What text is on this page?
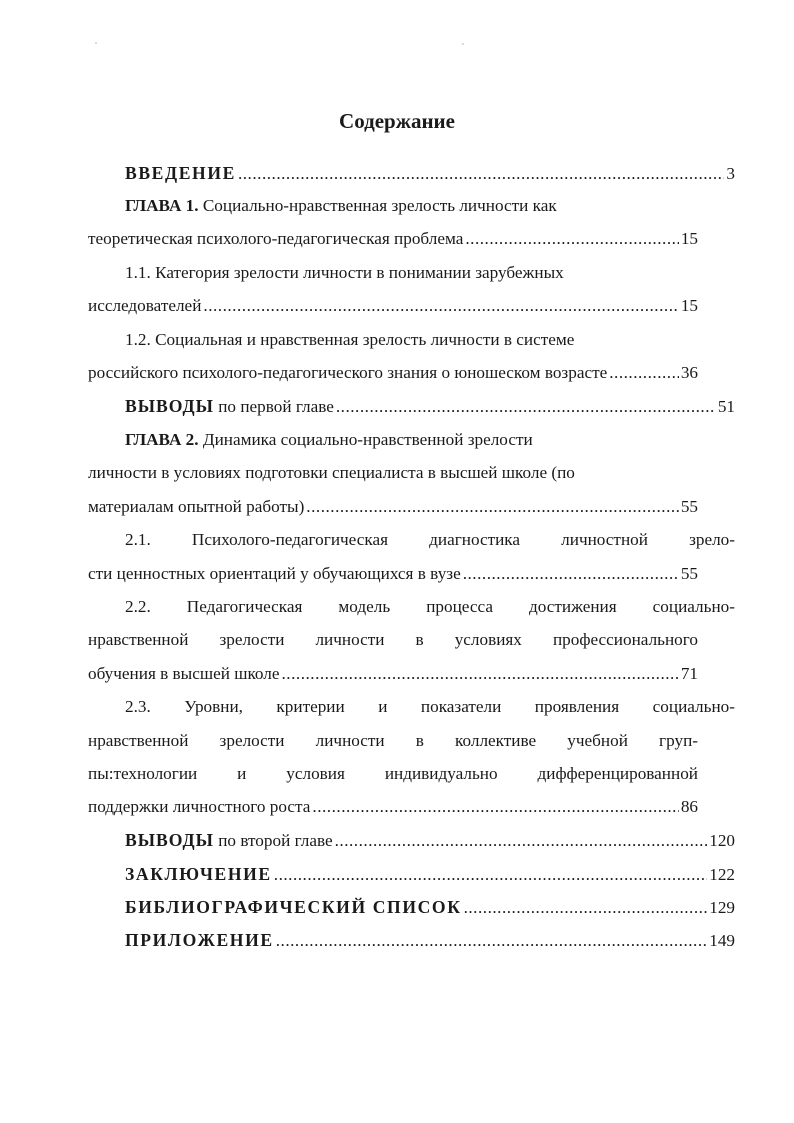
Содержание
ВВЕДЕНИЕ .....	3
ГЛАВА 1. Социально-нравственная зрелость личности как
теоретическая психолого-педагогическая проблема .....	15
1.1. Категория зрелости личности в понимании зарубежных
исследователей .....	15
1.2. Социальная и нравственная зрелость личности в системе
российского психолого-педагогического знания о юношеском возрасте .....	36
ВЫВОДЫ по первой главе .....	51
ГЛАВА 2. Динамика социально-нравственной зрелости
личности в условиях подготовки специалиста в высшей школе (по
материалам опытной работы) .....	55
2.1. Психолого-педагогическая диагностика личностной зрело-
сти ценностных ориентаций у обучающихся в вузе .....	55
2.2. Педагогическая модель процесса достижения социально-
нравственной зрелости личности в условиях профессионального
обучения в высшей школе .....	71
2.3. Уровни, критерии и показатели проявления социально-
нравственной зрелости личности в коллективе учебной груп-
пы:технологии и условия индивидуально дифференцированной
поддержки личностного роста .....	86
ВЫВОДЫ по второй главе .....	120
ЗАКЛЮЧЕНИЕ .....	122
БИБЛИОГРАФИЧЕСКИЙ СПИСОК .....	129
ПРИЛОЖЕНИЕ .....	149
